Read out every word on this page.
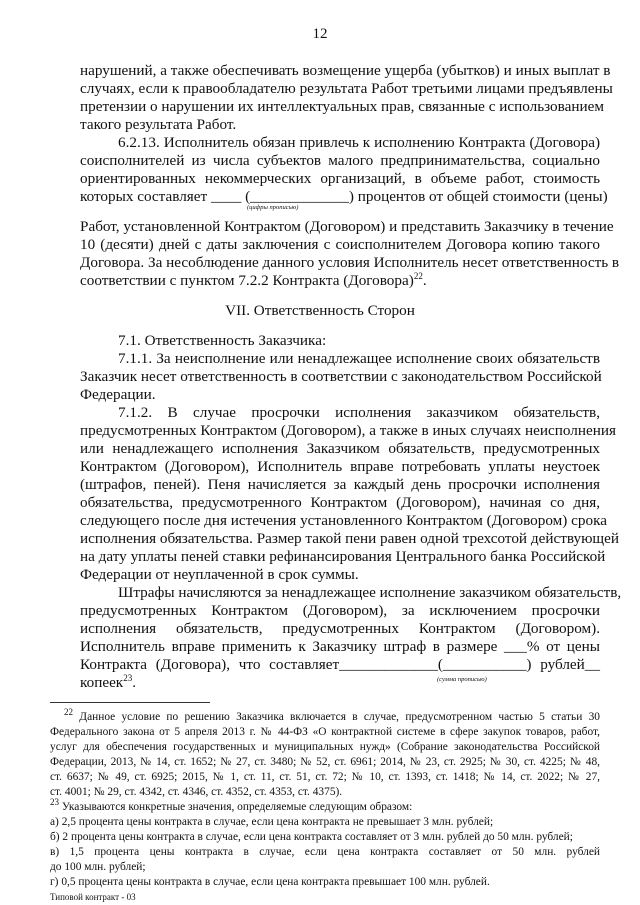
12
нарушений, а также обеспечивать возмещение ущерба (убытков) и иных выплат в
случаях, если к правообладателю результата Работ третьими лицами предъявлены
претензии о нарушении их интеллектуальных прав, связанные с использованием
такого результата Работ.
6.2.13. Исполнитель обязан привлечь к исполнению Контракта (Договора)
соисполнителей из числа субъектов малого предпринимательства, социально
ориентированных некоммерческих организаций, в объеме работ, стоимость
которых составляет ____ (_____________) процентов от общей стоимости (цены)
(цифры прописью)
Работ, установленной Контрактом (Договором) и представить Заказчику в течение
10 (десяти) дней с даты заключения с соисполнителем Договора копию такого
Договора. За несоблюдение данного условия Исполнитель несет ответственность в
соответствии с пунктом 7.2.2 Контракта (Договора)$^{22}$.
VII. Ответственность Сторон
7.1. Ответственность Заказчика:
7.1.1. За неисполнение или ненадлежащее исполнение своих обязательств
Заказчик несет ответственность в соответствии с законодательством Российской
Федерации.
7.1.2. В случае просрочки исполнения заказчиком обязательств,
предусмотренных Контрактом (Договором), а также в иных случаях неисполнения
или ненадлежащего исполнения Заказчиком обязательств, предусмотренных
Контрактом (Договором), Исполнитель вправе потребовать уплаты неустоек
(штрафов, пеней). Пеня начисляется за каждый день просрочки исполнения
обязательства, предусмотренного Контрактом (Договором), начиная со дня,
следующего после дня истечения установленного Контрактом (Договором) срока
исполнения обязательства. Размер такой пени равен одной трехсотой действующей
на дату уплаты пеней ставки рефинансирования Центрального банка Российской
Федерации от неуплаченной в срок суммы.
Штрафы начисляются за ненадлежащее исполнение заказчиком обязательств,
предусмотренных Контрактом (Договором), за исключением просрочки
исполнения обязательств, предусмотренных Контрактом (Договором).
Исполнитель вправе применить к Заказчику штраф в размере ___% от цены
Контракта (Договора), что составляет_____________(___________) рублей__
копеек$^{23}$.	(сумма прописью)
$^{22}$ Данное условие по решению Заказчика включается в случае, предусмотренном частью 5 статьи 30
Федерального закона от 5 апреля 2013 г. № 44-ФЗ «О контрактной системе в сфере закупок товаров, работ,
услуг для обеспечения государственных и муниципальных нужд» (Собрание законодательства Российской
Федерации, 2013, № 14, ст. 1652; № 27, ст. 3480; № 52, ст. 6961; 2014, № 23, ст. 2925; № 30, ст. 4225; № 48,
ст. 6637; № 49, ст. 6925; 2015, № 1, ст. 11, ст. 51, ст. 72; № 10, ст. 1393, ст. 1418; № 14, ст. 2022; № 27,
ст. 4001; № 29, ст. 4342, ст. 4346, ст. 4352, ст. 4353, ст. 4375).
$^{23}$ Указываются конкретные значения, определяемые следующим образом:
а) 2,5 процента цены контракта в случае, если цена контракта не превышает 3 млн. рублей;
б) 2 процента цены контракта в случае, если цена контракта составляет от 3 млн. рублей до 50 млн. рублей;
в) 1,5 процента цены контракта в случае, если цена контракта составляет от 50 млн. рублей
до 100 млн. рублей;
г) 0,5 процента цены контракта в случае, если цена контракта превышает 100 млн. рублей.
Типовой контракт - 03
